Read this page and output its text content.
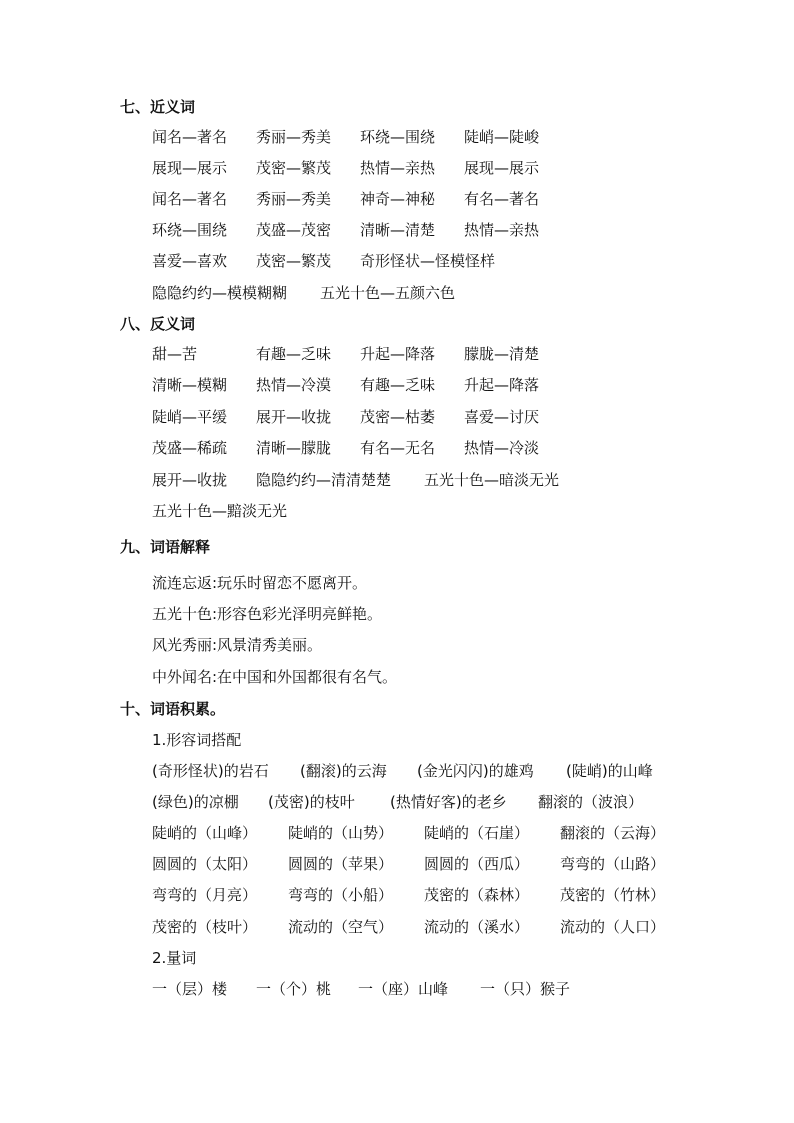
七、近义词
闻名—著名 秀丽—秀美 环绕—围绕 陡峭—陡峻
展现—展示 茂密—繁茂 热情—亲热 展现—展示
闻名—著名 秀丽—秀美 神奇—神秘 有名—著名
环绕—围绕 茂盛—茂密 清晰—清楚 热情—亲热
喜爱—喜欢 茂密—繁茂 奇形怪状—怪模怪样
隐隐约约—模模糊糊 五光十色—五颜六色
八、反义词
甜—苦	有趣—乏味 升起—降落 朦胧—清楚
清晰—模糊 热情—冷漠 有趣—乏味 升起—降落
陡峭—平缓 展开—收拢 茂密—枯萎 喜爱—讨厌
茂盛—稀疏 清晰—朦胧 有名—无名 热情—冷淡
展开—收拢 隐隐约约—清清楚楚 五光十色—暗淡无光
五光十色—黯淡无光
九、词语解释
流连忘返:玩乐时留恋不愿离开。
五光十色:形容色彩光泽明亮鲜艳。
风光秀丽:风景清秀美丽。
中外闻名:在中国和外国都很有名气。
十、词语积累。
1.形容词搭配
(奇形怪状)的岩石 (翻滚)的云海 (金光闪闪)的雄鸡 (陡峭)的山峰
(绿色)的凉棚 (茂密)的枝叶 (热情好客)的老乡 翻滚的（波浪）
陡峭的（山峰） 陡峭的（山势） 陡峭的（石崖） 翻滚的（云海）
圆圆的（太阳） 圆圆的（苹果） 圆圆的（西瓜） 弯弯的（山路）
弯弯的（月亮） 弯弯的（小船） 茂密的（森林） 茂密的（竹林）
茂密的（枝叶） 流动的（空气） 流动的（溪水） 流动的（人口）
2.量词
一（层）楼 一（个）桃 一（座）山峰 一（只）猴子
